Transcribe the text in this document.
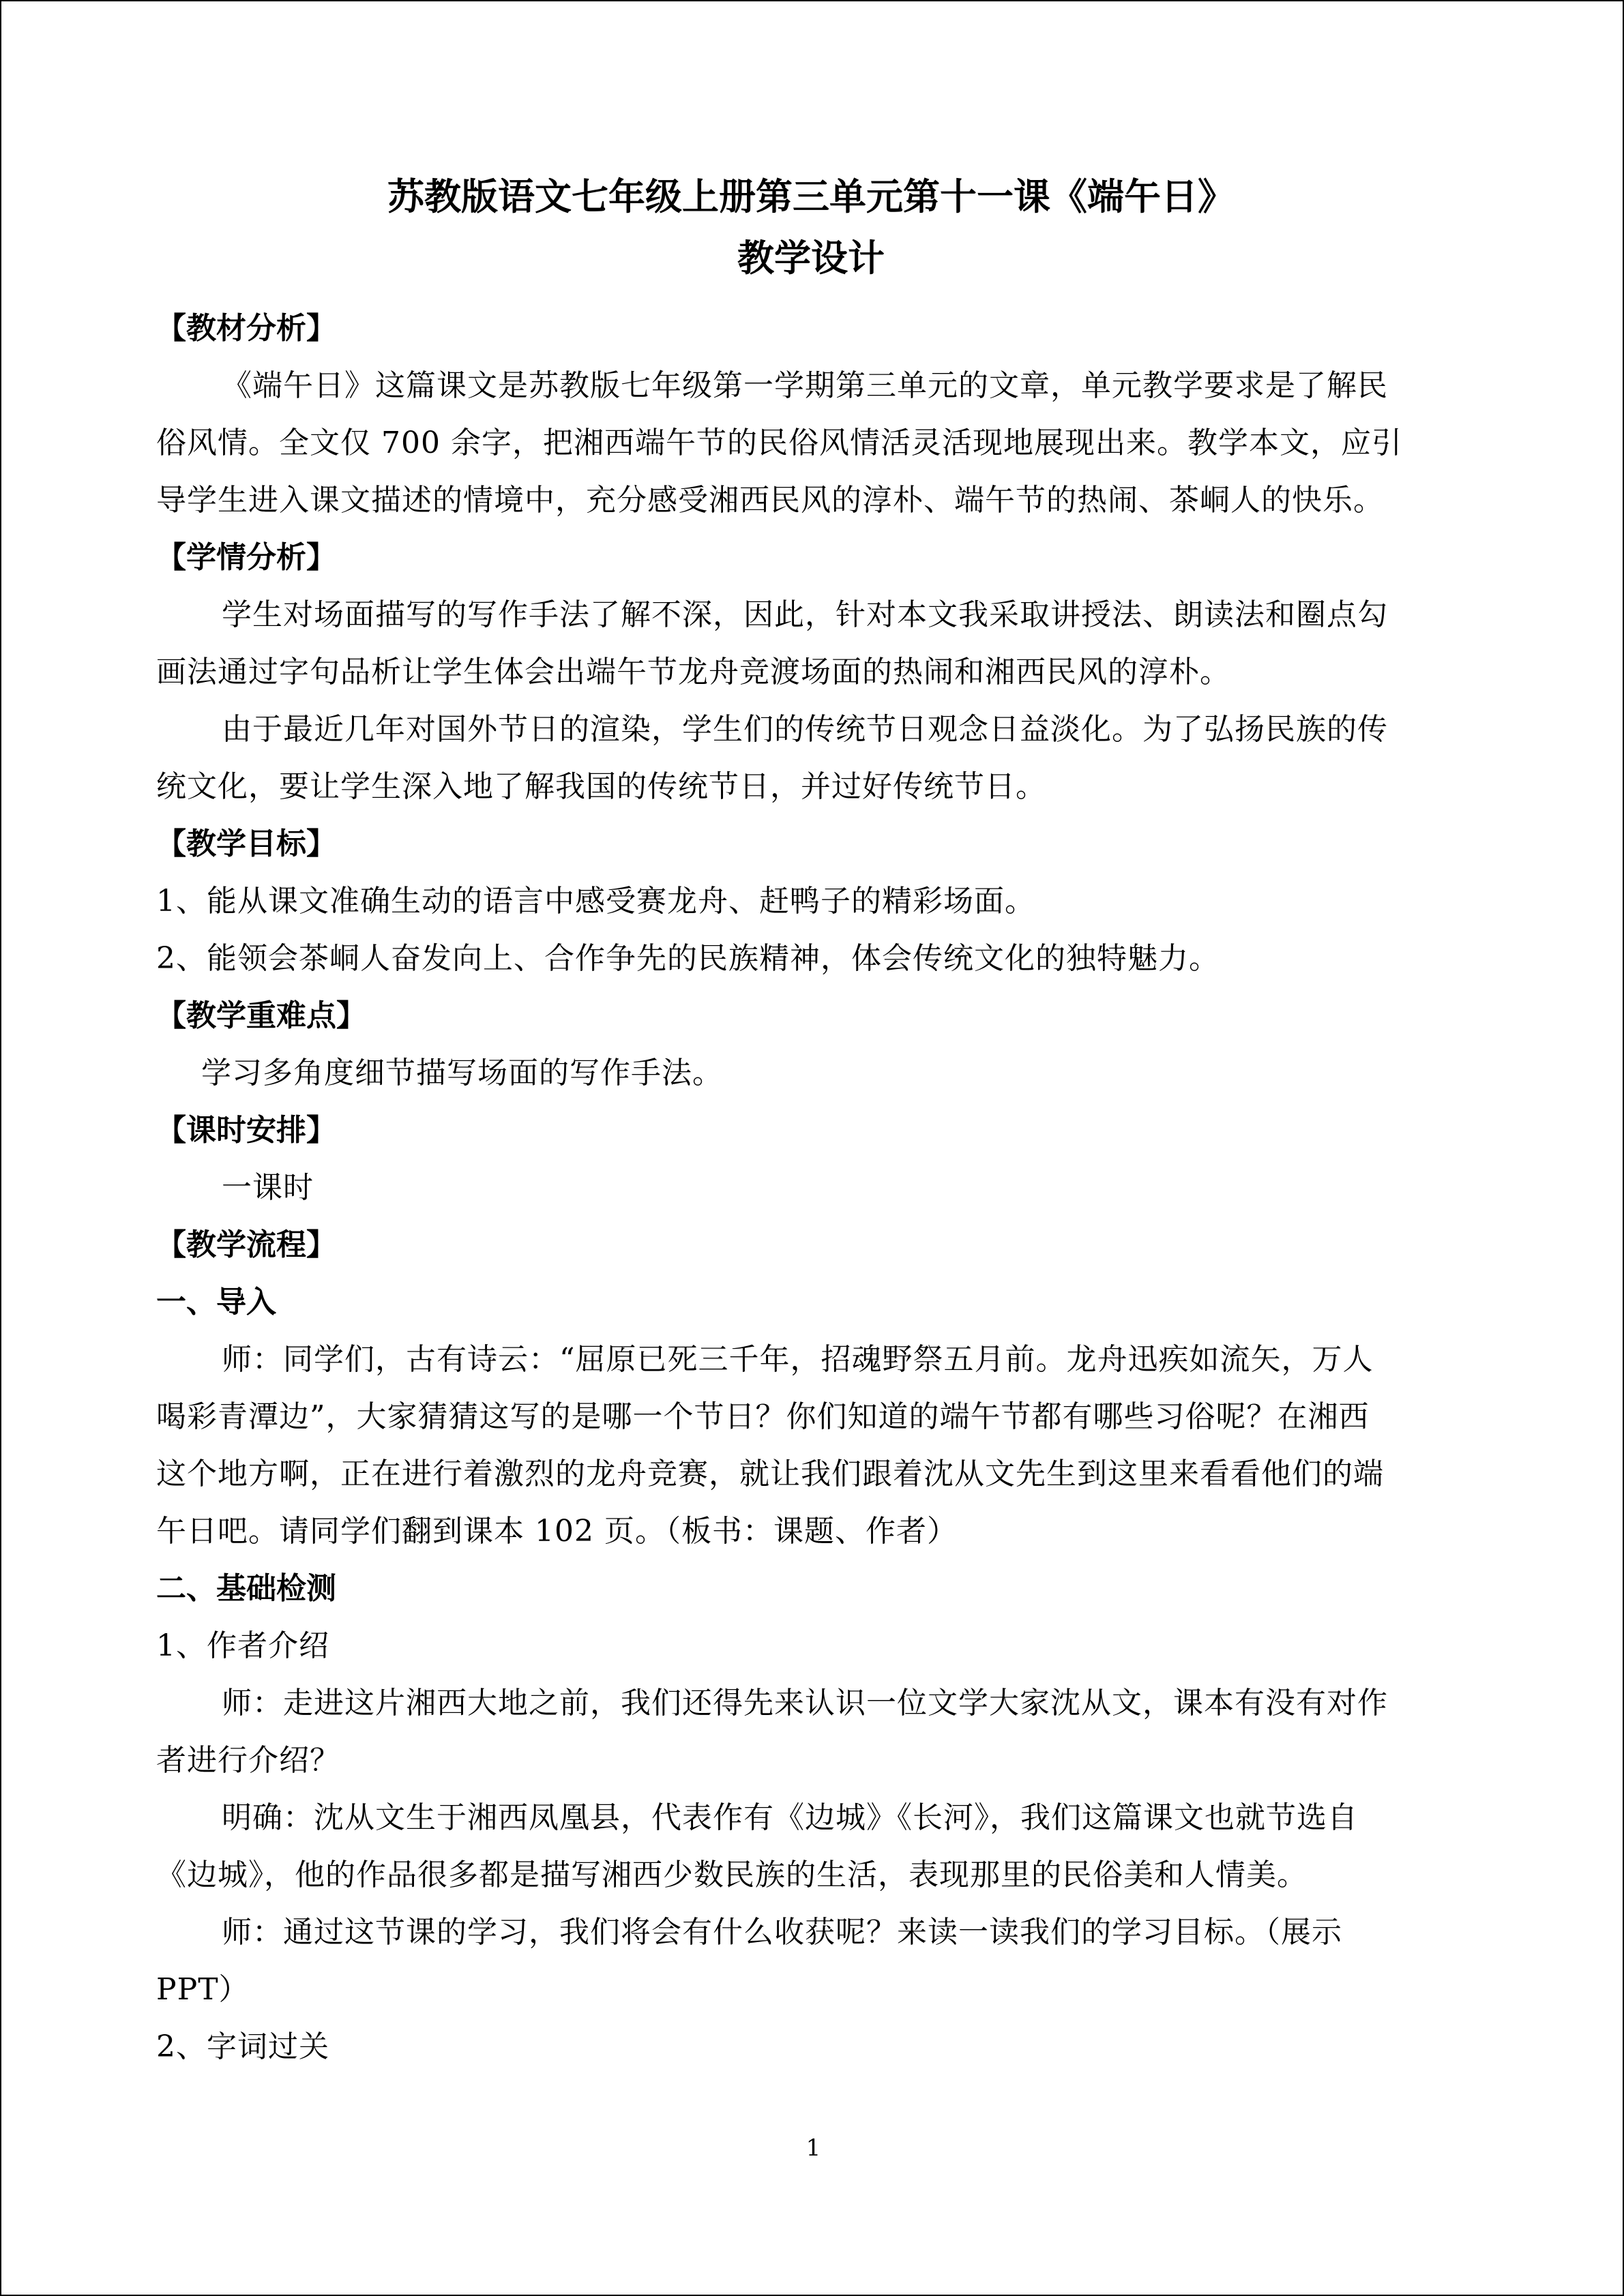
苏教版语文七年级上册第三单元第十一课《端午日》

教学设计

【教材分析】

《端午日》这篇课文是苏教版七年级第一学期第三单元的文章，单元教学要求是了解民

俗风情。全文仅 700 余字，把湘西端午节的民俗风情活灵活现地展现出来。教学本文，应引

导学生进入课文描述的情境中，充分感受湘西民风的淳朴、端午节的热闹、茶峒人的快乐。

【学情分析】

学生对场面描写的写作手法了解不深，因此，针对本文我采取讲授法、朗读法和圈点勾

画法通过字句品析让学生体会出端午节龙舟竞渡场面的热闹和湘西民风的淳朴。

由于最近几年对国外节日的渲染，学生们的传统节日观念日益淡化。为了弘扬民族的传

统文化，要让学生深入地了解我国的传统节日，并过好传统节日。

【教学目标】

1、能从课文准确生动的语言中感受赛龙舟、赶鸭子的精彩场面。

2、能领会茶峒人奋发向上、合作争先的民族精神，体会传统文化的独特魅力。

【教学重难点】

学习多角度细节描写场面的写作手法。

【课时安排】

一课时

【教学流程】

一、导入

师：同学们，古有诗云：“屈原已死三千年，招魂野祭五月前。龙舟迅疾如流矢，万人

喝彩青潭边”，大家猜猜这写的是哪一个节日？你们知道的端午节都有哪些习俗呢？在湘西

这个地方啊，正在进行着激烈的龙舟竞赛，就让我们跟着沈从文先生到这里来看看他们的端

午日吧。请同学们翻到课本 102 页。（板书：课题、作者）

二、基础检测

1、作者介绍

师：走进这片湘西大地之前，我们还得先来认识一位文学大家沈从文，课本有没有对作

者进行介绍？

明确：沈从文生于湘西凤凰县，代表作有《边城》《长河》，我们这篇课文也就节选自

《边城》，他的作品很多都是描写湘西少数民族的生活，表现那里的民俗美和人情美。

师：通过这节课的学习，我们将会有什么收获呢？来读一读我们的学习目标。（展示

PPT）

2、字词过关

1
